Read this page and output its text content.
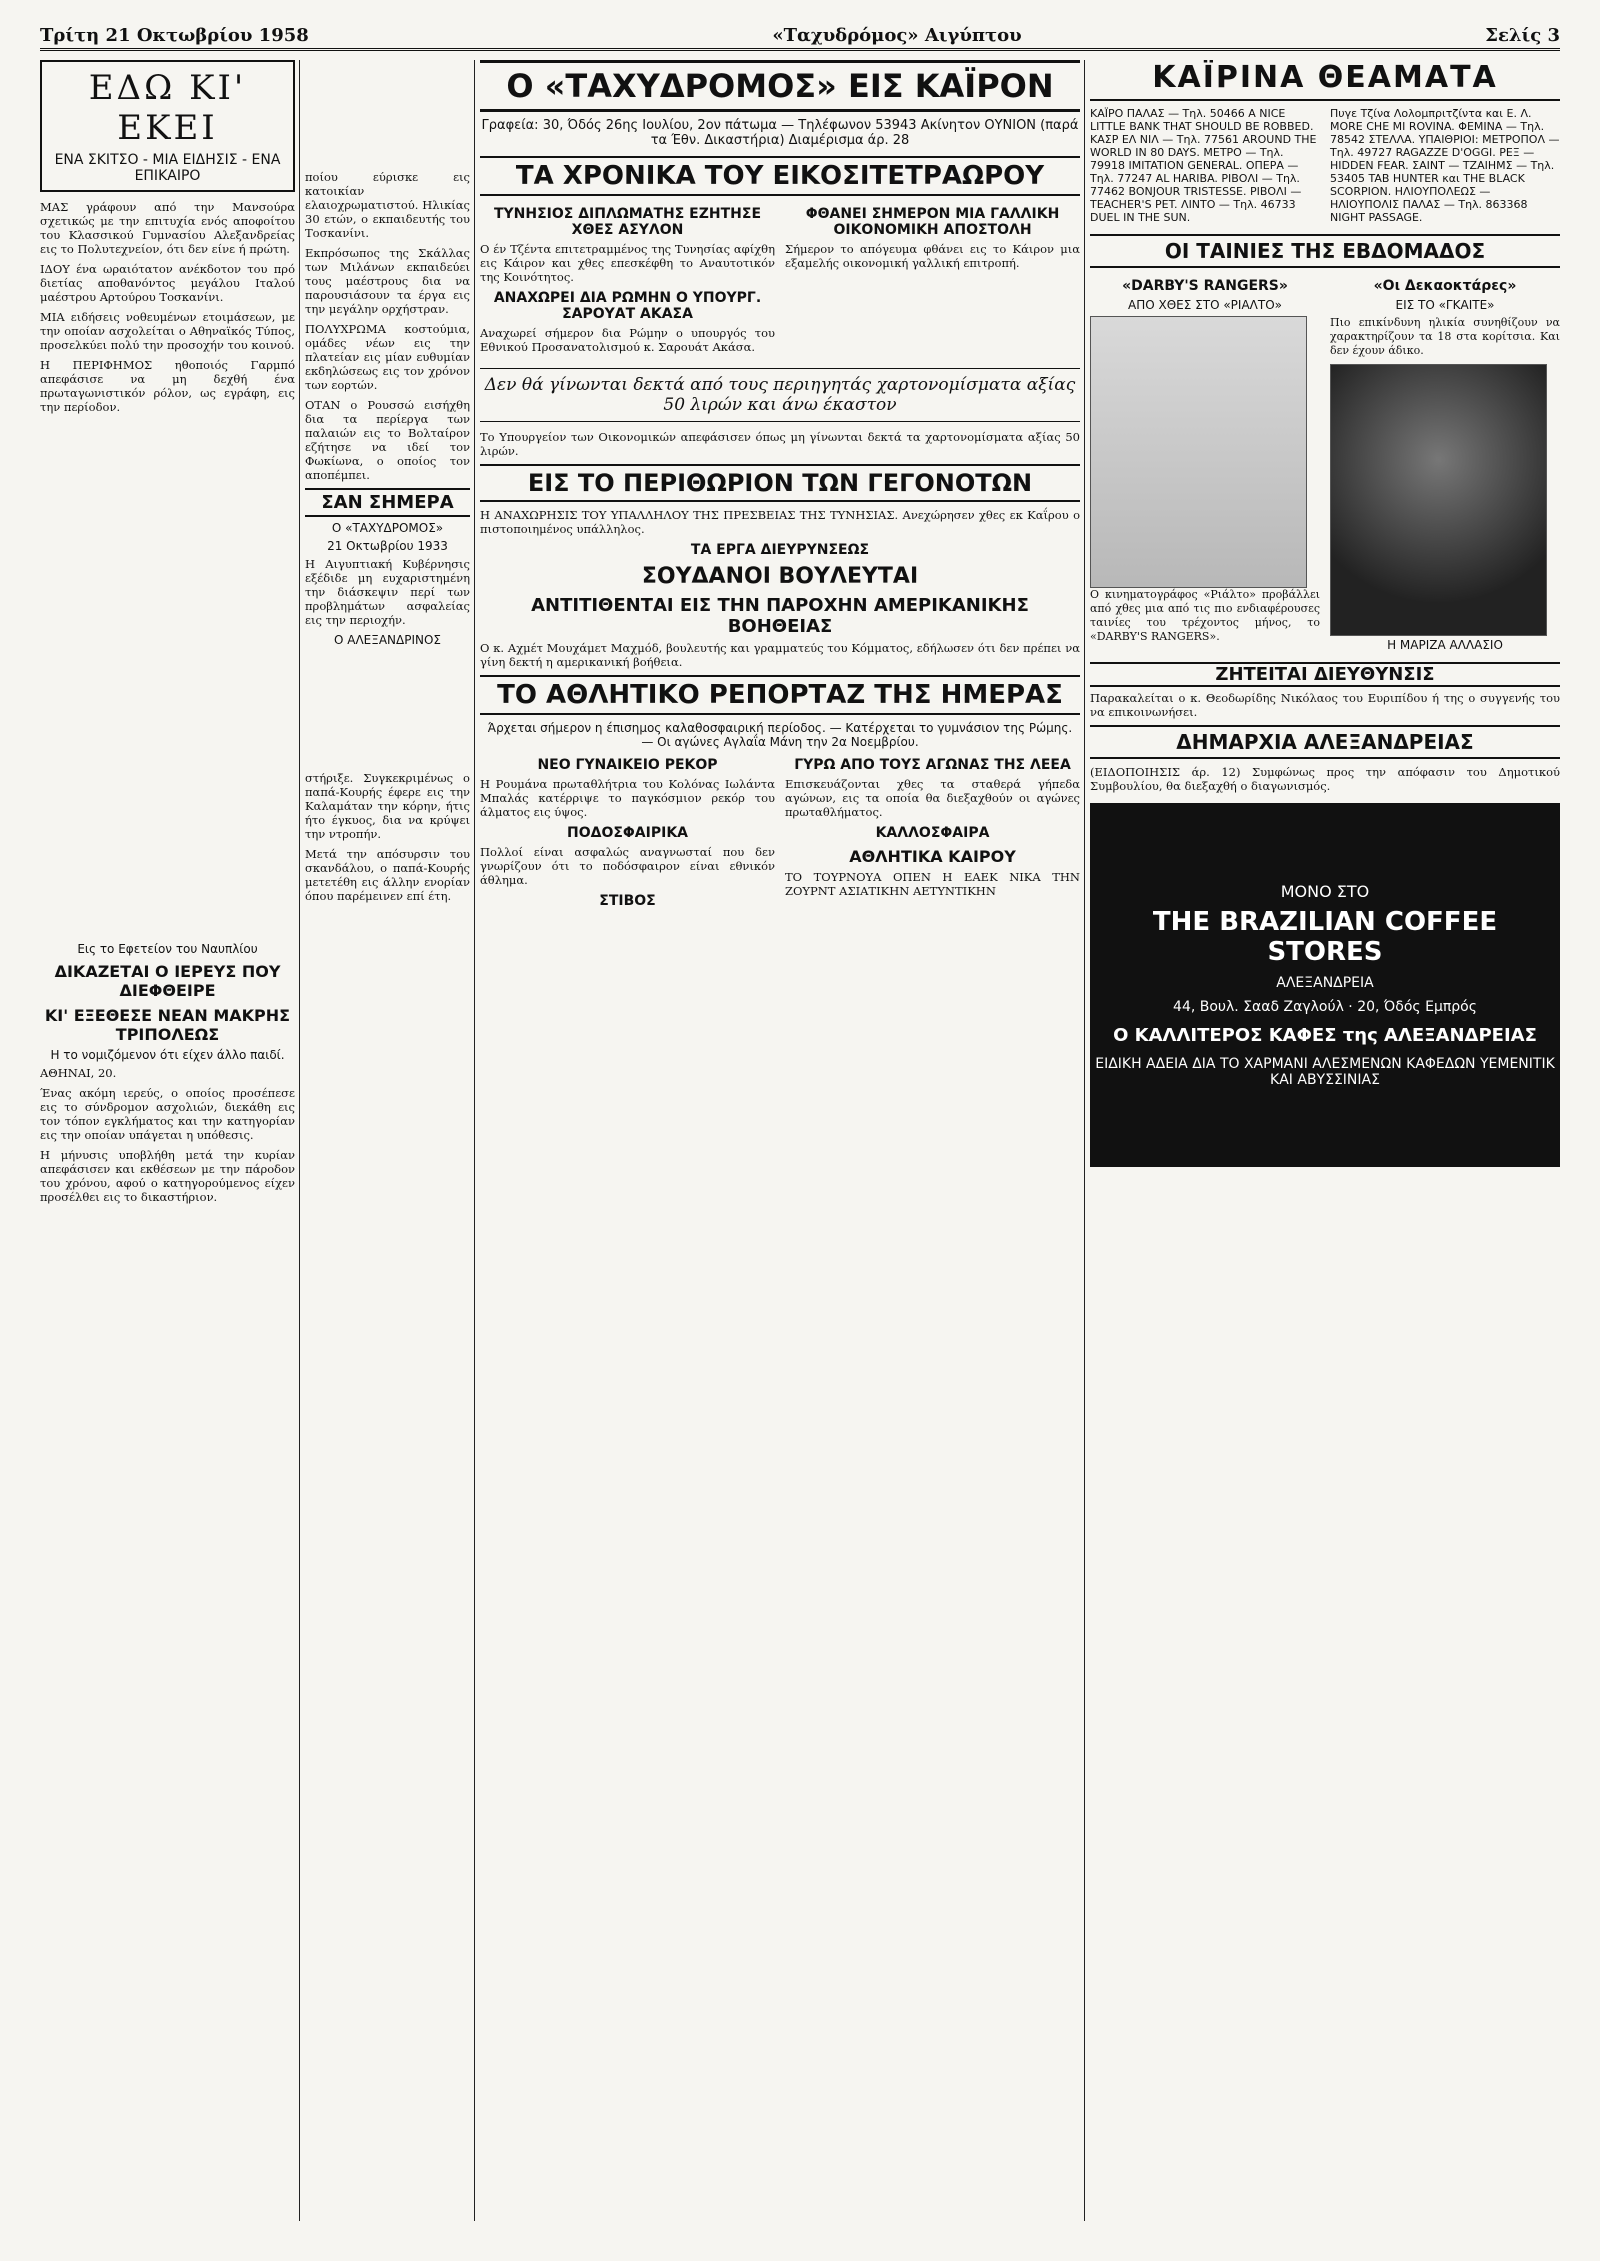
Τρίτη 21 Οκτωβρίου 1958	«Ταχυδρόμος» Αιγύπτου	Σελίς 3
ΕΔΩ ΚΙ' ΕΚΕΙ
ΕΝΑ ΣΚΙΤΣΟ - ΜΙΑ ΕΙΔΗΣΙΣ - ΕΝΑ ΕΠΙΚΑΙΡΟ

ΜΑΣ γράφουν από την Μανσούρα σχετικώς με την επιτυχία ενός αποφοίτου του Κλασσικού Γυμνασίου Αλεξανδρείας εις το Πολυτεχνείον, ότι δεν είνε ή πρώτη.

ΙΔΟΥ ένα ωραιότατον ανέκδοτον του πρό διετίας αποθανόντος μεγάλου Ιταλού μαέστρου Αρτούρου Τοσκανίνι.

ΜΙΑ ειδήσεις νοθευμένων ετοιμάσεων, με την οποίαν ασχολείται ο Αθηναϊκός Τύπος, προσελκύει πολύ την προσοχήν του κοινού.

Η ΠΕΡΙΦΗΜΟΣ ηθοποιός Γαρμπό απεφάσισε να μη δεχθή ένα πρωταγωνιστικόν ρόλον, ως εγράφη, εις την περίοδον.

Εις το Εφετείον του Ναυπλίου
ΔΙΚΑΖΕΤΑΙ Ο ΙΕΡΕΥΣ ΠΟΥ ΔΙΕΦΘΕΙΡΕ
ΚΙ' ΕΞΕΘΕΣΕ ΝΕΑΝ ΜΑΚΡΗΣ ΤΡΙΠΟΛΕΩΣ
Η το νομιζόμενον ότι είχεν άλλο παιδί.

ΑΘΗΝΑΙ, 20.

Ένας ακόμη ιερεύς, ο οποίος προσέπεσε εις το σύνδρομον ασχολιών, διεκάθη εις τον τόπον εγκλήματος και την κατηγορίαν εις την οποίαν υπάγεται η υπόθεσις.

Η μήνυσις υποβλήθη μετά την κυρίαν απεφάσισεν και εκθέσεων με την πάροδον του χρόνου, αφού ο κατηγορούμενος είχεν προσέλθει εις το δικαστήριον.

ποίου εύρισκε εις κατοικίαν ελαιοχρωματιστού. Ηλικίας 30 ετών, ο εκπαιδευτής του Τοσκανίνι.

Εκπρόσωπος της Σκάλλας των Μιλάνων εκπαιδεύει τους μαέστρους δια να παρουσιάσουν τα έργα εις την μεγάλην ορχήστραν.

ΠΟΛΥΧΡΩΜΑ κοστούμια, ομάδες νέων εις την πλατείαν εις μίαν ευθυμίαν εκδηλώσεως εις τον χρόνον των εορτών.

ΟΤΑΝ ο Ρουσσώ εισήχθη δια τα περίεργα των παλαιών εις το Βολταίρον εζήτησε να ιδεί τον Φωκίωνα, ο οποίος τον αποπέμπει.

ΣΑΝ ΣΗΜΕΡΑ
Ο «ΤΑΧΥΔΡΟΜΟΣ»
21 Οκτωβρίου 1933

Η Αιγυπτιακή Κυβέρνησις εξέδιδε μη ευχαριστημένη την διάσκεψιν περί των προβλημάτων ασφαλείας εις την περιοχήν.

Ο ΑΛΕΞΑΝΔΡΙΝΟΣ

στήριξε. Συγκεκριμένως ο παπά-Κουρής έφερε εις την Καλαμάταν την κόρην, ήτις ήτο έγκυος, δια να κρύψει την ντροπήν.

Μετά την απόσυρσιν του σκανδάλου, ο παπά-Κουρής μετετέθη εις άλλην ενορίαν όπου παρέμεινεν επί έτη.

Ο «ΤΑΧΥΔΡΟΜΟΣ» ΕΙΣ ΚΑΪΡΟΝ
Γραφεία: 30, Όδός 26ης Ιουλίου, 2ον πάτωμα — Τηλέφωνον 53943 Ακίνητον ΟΥΝΙΟΝ (παρά τα Έθν. Δικαστήρια) Διαμέρισμα άρ. 28
ΤΑ ΧΡΟΝΙΚΑ ΤΟΥ ΕΙΚΟΣΙΤΕΤΡΑΩΡΟΥ
ΤΥΝΗΣΙΟΣ ΔΙΠΛΩΜΑΤΗΣ ΕΖΗΤΗΣΕ ΧΘΕΣ ΑΣΥΛΟΝ

Ο έν Τζέντα επιτετραμμένος της Τυνησίας αφίχθη εις Κάιρον και χθες επεσκέφθη το Αναυτοτικόν της Κοινότητος.

ΑΝΑΧΩΡΕΙ ΔΙΑ ΡΩΜΗΝ Ο ΥΠΟΥΡΓ. ΣΑΡΟΥΑΤ ΑΚΑΣΑ

Αναχωρεί σήμερον δια Ρώμην ο υπουργός του Εθνικού Προσανατολισμού κ. Σαρουάτ Ακάσα.

ΦΘΑΝΕΙ ΣΗΜΕΡΟΝ ΜΙΑ ΓΑΛΛΙΚΗ ΟΙΚΟΝΟΜΙΚΗ ΑΠΟΣΤΟΛΗ

Σήμερον το απόγευμα φθάνει εις το Κάιρον μια εξαμελής οικονομική γαλλική επιτροπή.

Δεν θά γίνωνται δεκτά από τους περιηγητάς χαρτονομίσματα αξίας 50 λιρών και άνω έκαστον

Το Υπουργείον των Οικονομικών απεφάσισεν όπως μη γίνωνται δεκτά τα χαρτονομίσματα αξίας 50 λιρών.

ΕΙΣ ΤΟ ΠΕΡΙΘΩΡΙΟΝ ΤΩΝ ΓΕΓΟΝΟΤΩΝ

Η ΑΝΑΧΩΡΗΣΙΣ ΤΟΥ ΥΠΑΛΛΗΛΟΥ ΤΗΣ ΠΡΕΣΒΕΙΑΣ ΤΗΣ ΤΥΝΗΣΙΑΣ. Ανεχώρησεν χθες εκ Καΐρου ο πιστοποιημένος υπάλληλος.

ΤΑ ΕΡΓΑ ΔΙΕΥΡΥΝΣΕΩΣ
ΣΟΥΔΑΝΟΙ ΒΟΥΛΕΥΤΑΙ
ΑΝΤΙΤΙΘΕΝΤΑΙ ΕΙΣ ΤΗΝ ΠΑΡΟΧΗΝ ΑΜΕΡΙΚΑΝΙΚΗΣ ΒΟΗΘΕΙΑΣ

Ο κ. Αχμέτ Μουχάμετ Μαχμόδ, βουλευτής και γραμματεύς του Κόμματος, εδήλωσεν ότι δεν πρέπει να γίνη δεκτή η αμερικανική βοήθεια.

ΤΟ ΑΘΛΗΤΙΚΟ ΡΕΠΟΡΤΑΖ ΤΗΣ ΗΜΕΡΑΣ
Άρχεται σήμερον η έπισημος καλαθοσφαιρική περίοδος. — Κατέρχεται το γυμνάσιον της Ρώμης. — Οι αγώνες Αγλαΐα Μάνη την 2α Νοεμβρίου.
ΝΕΟ ΓΥΝΑΙΚΕΙΟ ΡΕΚΟΡ

Η Ρουμάνα πρωταθλήτρια του Κολόνας Ιωλάντα Μπαλάς κατέρριψε το παγκόσμιον ρεκόρ του άλματος εις ύψος.

ΠΟΔΟΣΦΑΙΡΙΚΑ

Πολλοί είναι ασφαλώς αναγνωσταί που δεν γνωρίζουν ότι το ποδόσφαιρον είναι εθνικόν άθλημα.

ΣΤΙΒΟΣ
ΓΥΡΩ ΑΠΟ ΤΟΥΣ ΑΓΩΝΑΣ ΤΗΣ ΛΕΕΑ

Επισκευάζονται χθες τα σταθερά γήπεδα αγώνων, εις τα οποία θα διεξαχθούν οι αγώνες πρωταθλήματος.

ΚΑΛΛΟΣΦΑΙΡΑ
ΑΘΛΗΤΙΚΑ ΚΑΙΡΟΥ

ΤΟ ΤΟΥΡΝΟΥΑ ΟΠΕΝ Η ΕΑΕΚ ΝΙΚΑ ΤΗΝ ΖΟΥΡΝΤ ΑΣΙΑΤΙΚΗΝ ΑΕΤΥΝΤΙΚΗΝ

ΚΑΪΡΙΝΑ ΘΕΑΜΑΤΑ
ΚΑΪΡΟ ΠΑΛΑΣ — Τηλ. 50466 A NICE LITTLE BANK THAT SHOULD BE ROBBED. ΚΑΣΡ ΕΛ ΝΙΛ — Τηλ. 77561 AROUND THE WORLD IN 80 DAYS. ΜΕΤΡΟ — Τηλ. 79918 IMITATION GENERAL. ΟΠΕΡΑ — Τηλ. 77247 AL HARIBA. ΡΙΒΟΛΙ — Τηλ. 77462 BONJOUR TRISTESSE. ΡΙΒΟΛΙ — TEACHER'S PET. ΛΙΝΤΟ — Τηλ. 46733 DUEL IN THE SUN.
Πυγε Τζίνα Λολομπριτζίντα και Ε. Λ. MORE CHE MI ROVINA. ΦΕΜΙΝΑ — Τηλ. 78542 ΣΤΕΛΛΑ. ΥΠΑΙΘΡΙΟΙ: ΜΕΤΡΟΠΟΛ — Τηλ. 49727 RAGAZZE D'OGGI. ΡΕΞ — HIDDEN FEAR. ΣΑΙΝΤ — ΤΖΑΙΗΜΣ — Τηλ. 53405 TAB HUNTER και THE BLACK SCORPION. ΗΛΙΟΥΠΟΛΕΩΣ — ΗΛΙΟΥΠΟΛΙΣ ΠΑΛΑΣ — Τηλ. 863368 NIGHT PASSAGE.
ΟΙ ΤΑΙΝΙΕΣ ΤΗΣ ΕΒΔΟΜΑΔΟΣ
«DARBY'S RANGERS»
ΑΠΟ ΧΘΕΣ ΣΤΟ «ΡΙΑΛΤΟ»

Ο κινηματογράφος «Ριάλτο» προβάλλει από χθες μια από τις πιο ενδιαφέρουσες ταινίες του τρέχοντος μήνος, το «DARBY'S RANGERS».

«Οι Δεκαοκτάρες»
ΕΙΣ ΤΟ «ΓΚΑΙΤΕ»

Πιο επικίνδυνη ηλικία συνηθίζουν να χαρακτηρίζουν τα 18 στα κορίτσια. Και δεν έχουν άδικο.

Η ΜΑΡΙΖΑ ΑΛΛΑΣΙΟ
ΖΗΤΕΙΤΑΙ ΔΙΕΥΘΥΝΣΙΣ

Παρακαλείται ο κ. Θεοδωρίδης Νικόλαος του Ευριπίδου ή της ο συγγενής του να επικοινωνήσει.

ΔΗΜΑΡΧΙΑ ΑΛΕΞΑΝΔΡΕΙΑΣ

(ΕΙΔΟΠΟΙΗΣΙΣ άρ. 12) Συμφώνως προς την απόφασιν του Δημοτικού Συμβουλίου, θα διεξαχθή ο διαγωνισμός.

ΜΟΝΟ ΣΤΟ
THE BRAZILIAN COFFEE STORES
ΑΛΕΞΑΝΔΡΕΙΑ
44, Βουλ. Σααδ Ζαγλούλ · 20, Όδός Εμπρός
Ο ΚΑΛΛΙΤΕΡΟΣ ΚΑΦΕΣ της ΑΛΕΞΑΝΔΡΕΙΑΣ
ΕΙΔΙΚΗ ΑΔΕΙΑ ΔΙΑ ΤΟ ΧΑΡΜΑΝΙ ΑΛΕΣΜΕΝΩΝ ΚΑΦΕΔΩΝ ΥΕΜΕΝΙΤΙΚ ΚΑΙ ΑΒΥΣΣΙΝΙΑΣ
